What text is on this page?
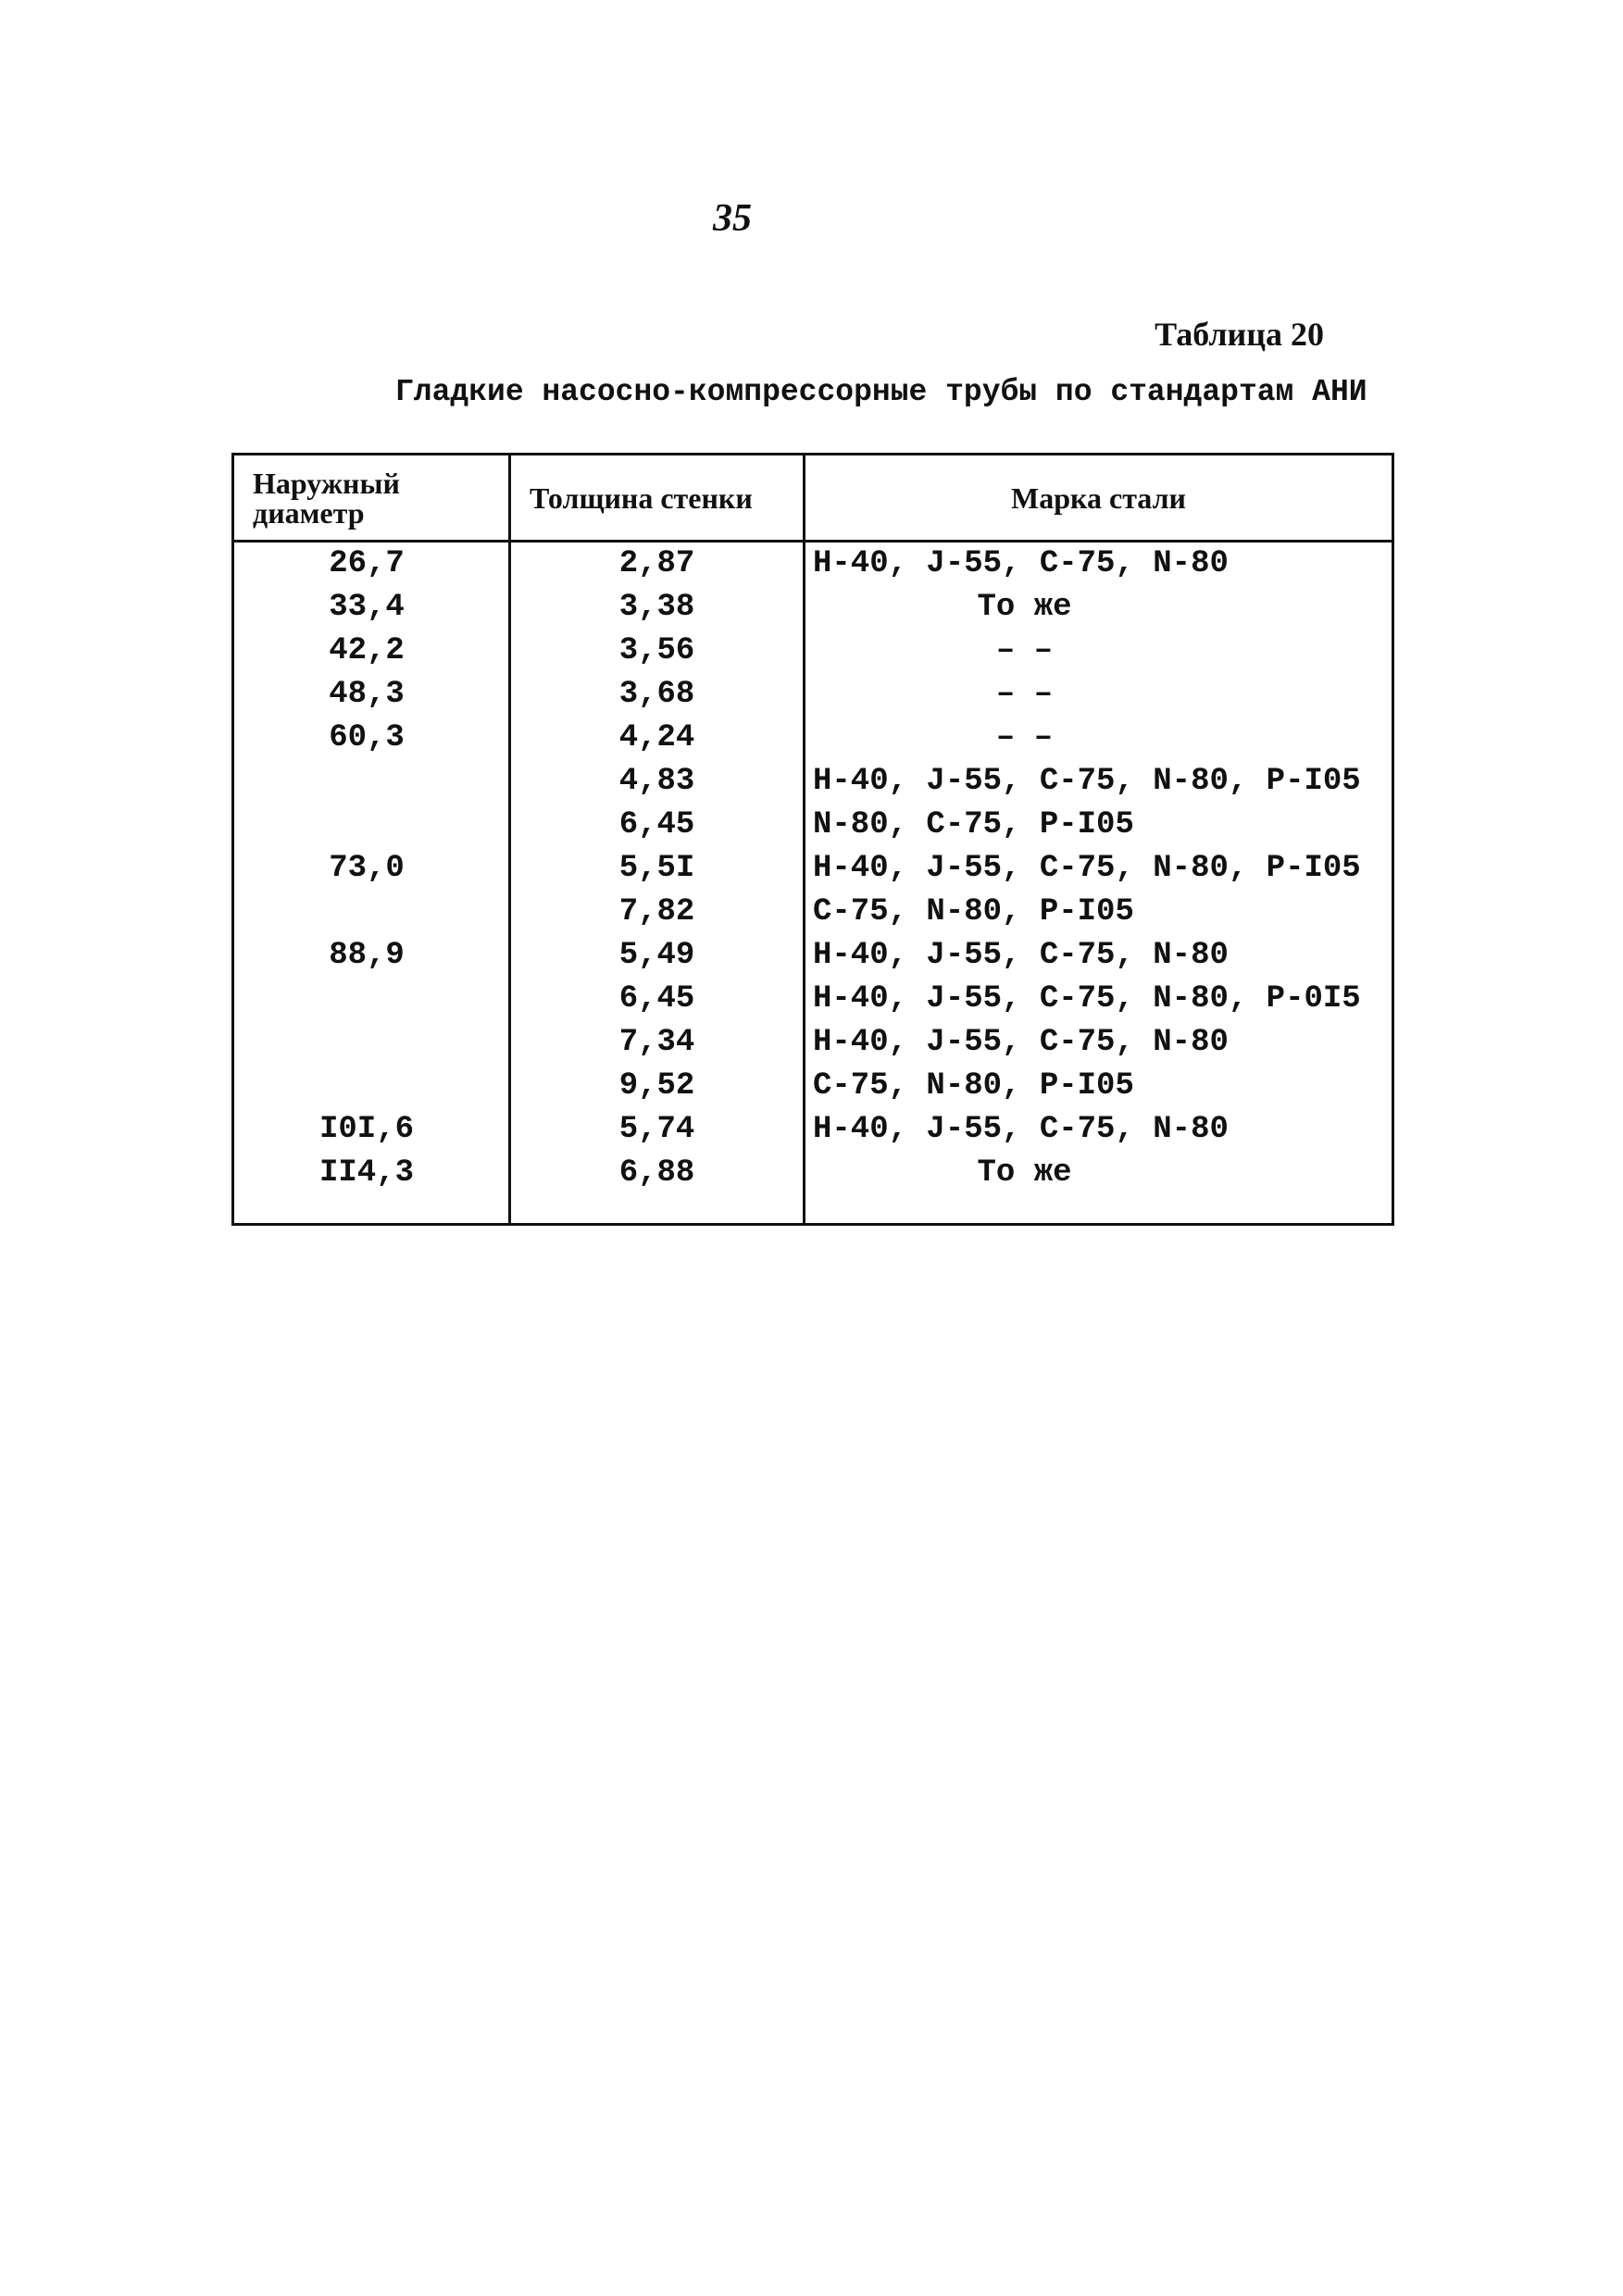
35
Таблица 20
Гладкие насосно-компрессорные трубы по стандартам АНИ
Наружный диаметр	Толщина стенки	Марка стали
26,7	2,87	H-40, J-55, C-75, N-80
33,4	3,38	То же
42,2	3,56	– –
48,3	3,68	– –
60,3	4,24	– –
	4,83	H-40, J-55, C-75, N-80, P-I05
	6,45	N-80, C-75, P-I05
73,0	5,5I	H-40, J-55, C-75, N-80, P-I05
	7,82	C-75, N-80, P-I05
88,9	5,49	H-40, J-55, C-75, N-80
	6,45	H-40, J-55, C-75, N-80, P-0I5
	7,34	H-40, J-55, C-75, N-80
	9,52	C-75, N-80, P-I05
I0I,6	5,74	H-40, J-55, C-75, N-80
II4,3	6,88	То же
